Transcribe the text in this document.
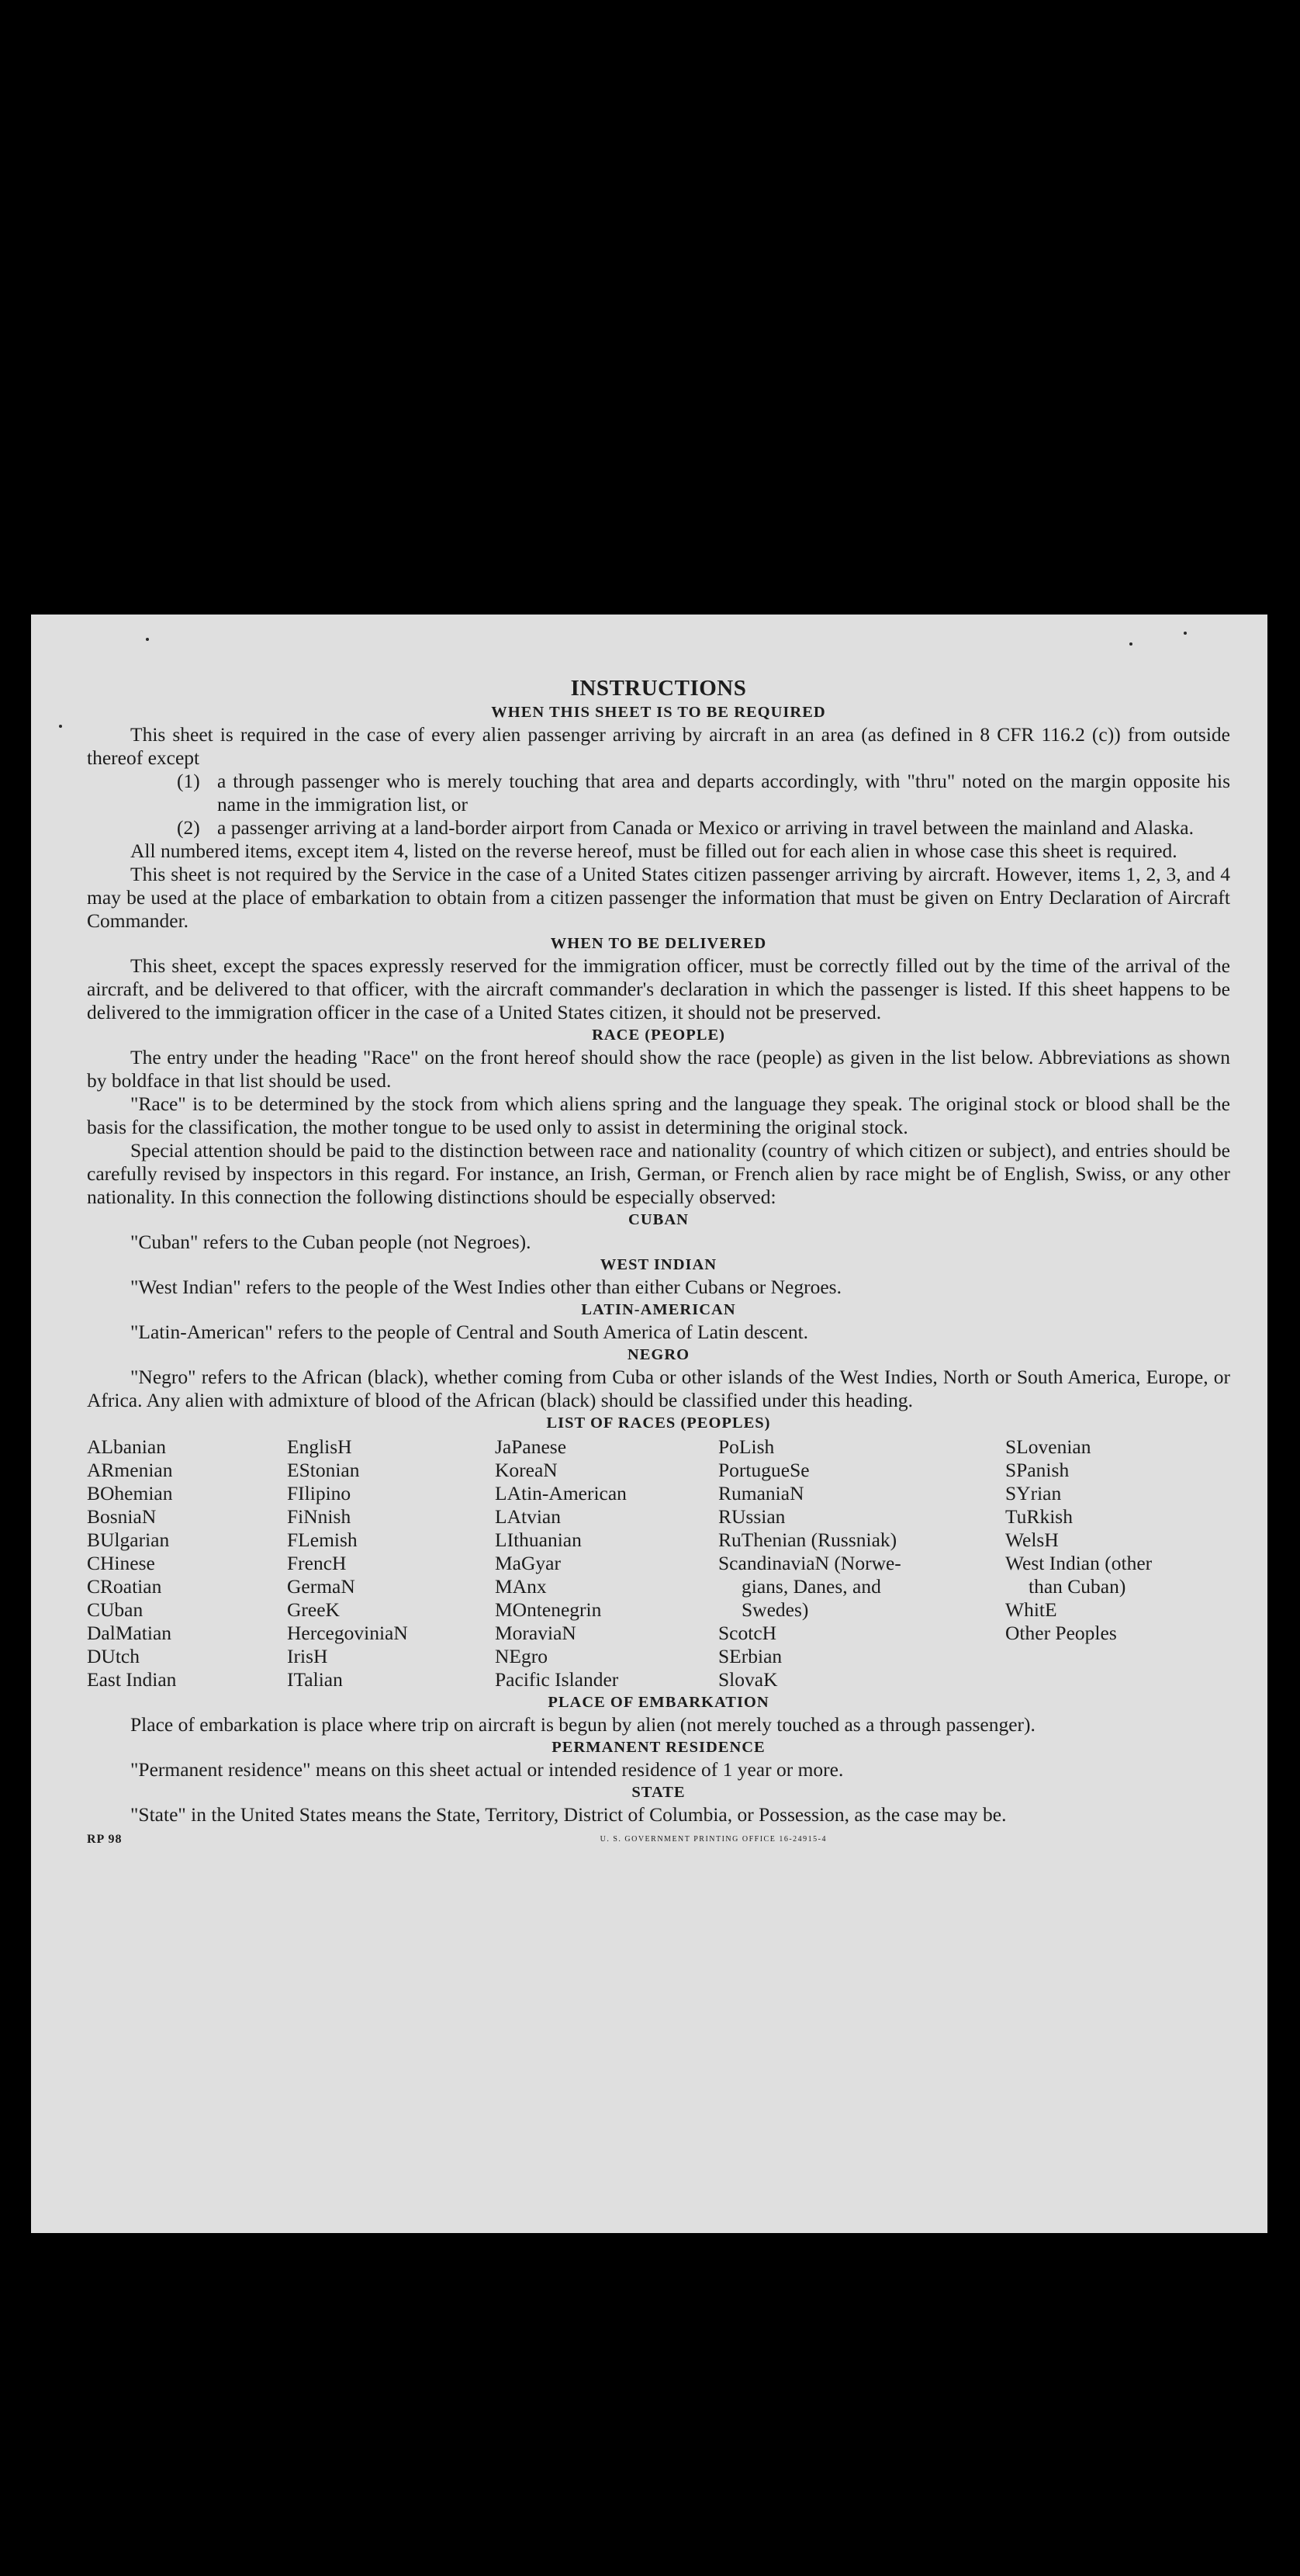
INSTRUCTIONS

WHEN THIS SHEET IS TO BE REQUIRED

This sheet is required in the case of every alien passenger arriving by aircraft in an area (as defined in 8 CFR 116.2 (c)) from outside thereof except

(1) a through passenger who is merely touching that area and departs accordingly, with "thru" noted on the margin opposite his name in the immigration list, or
(2) a passenger arriving at a land-border airport from Canada or Mexico or arriving in travel between the mainland and Alaska.

All numbered items, except item 4, listed on the reverse hereof, must be filled out for each alien in whose case this sheet is required.

This sheet is not required by the Service in the case of a United States citizen passenger arriving by aircraft. However, items 1, 2, 3, and 4 may be used at the place of embarkation to obtain from a citizen passenger the information that must be given on Entry Declaration of Aircraft Commander.

WHEN TO BE DELIVERED

This sheet, except the spaces expressly reserved for the immigration officer, must be correctly filled out by the time of the arrival of the aircraft, and be delivered to that officer, with the aircraft commander's declaration in which the passenger is listed. If this sheet happens to be delivered to the immigration officer in the case of a United States citizen, it should not be preserved.

RACE (PEOPLE)

The entry under the heading "Race" on the front hereof should show the race (people) as given in the list below. Abbreviations as shown by boldface in that list should be used.

"Race" is to be determined by the stock from which aliens spring and the language they speak. The original stock or blood shall be the basis for the classification, the mother tongue to be used only to assist in determining the original stock.

Special attention should be paid to the distinction between race and nationality (country of which citizen or subject), and entries should be carefully revised by inspectors in this regard. For instance, an Irish, German, or French alien by race might be of English, Swiss, or any other nationality. In this connection the following distinctions should be especially observed:

CUBAN

"Cuban" refers to the Cuban people (not Negroes).

WEST INDIAN

"West Indian" refers to the people of the West Indies other than either Cubans or Negroes.

LATIN-AMERICAN

"Latin-American" refers to the people of Central and South America of Latin descent.

NEGRO

"Negro" refers to the African (black), whether coming from Cuba or other islands of the West Indies, North or South America, Europe, or Africa. Any alien with admixture of blood of the African (black) should be classified under this heading.

LIST OF RACES (PEOPLES)

ALbanian
ARmenian
BOhemian
BosniaN
BUlgarian
CHinese
CRoatian
CUban
DalMatian
DUtch
East Indian
EnglisH
EStonian
FIlipino
FiNnish
FLemish
FrencH
GermaN
GreeK
HercegoviniaN
IrisH
ITalian
JaPanese
KoreaN
LAtin-American
LAtvian
LIthuanian
MaGyar
MAnx
MOntenegrin
MoraviaN
NEgro
Pacific Islander
PoLish
PortugueSe
RumaniaN
RUssian
RuThenian (Russniak)
ScandinaviaN (Norwe-
gians, Danes, and
Swedes)
ScotcH
SErbian
SlovaK
SLovenian
SPanish
SYrian
TuRkish
WelsH
West Indian (other
than Cuban)
WhitE
Other Peoples

PLACE OF EMBARKATION

Place of embarkation is place where trip on aircraft is begun by alien (not merely touched as a through passenger).

PERMANENT RESIDENCE

"Permanent residence" means on this sheet actual or intended residence of 1 year or more.

STATE

"State" in the United States means the State, Territory, District of Columbia, or Possession, as the case may be.

RP 98	U. S. GOVERNMENT PRINTING OFFICE 16-24915-4
